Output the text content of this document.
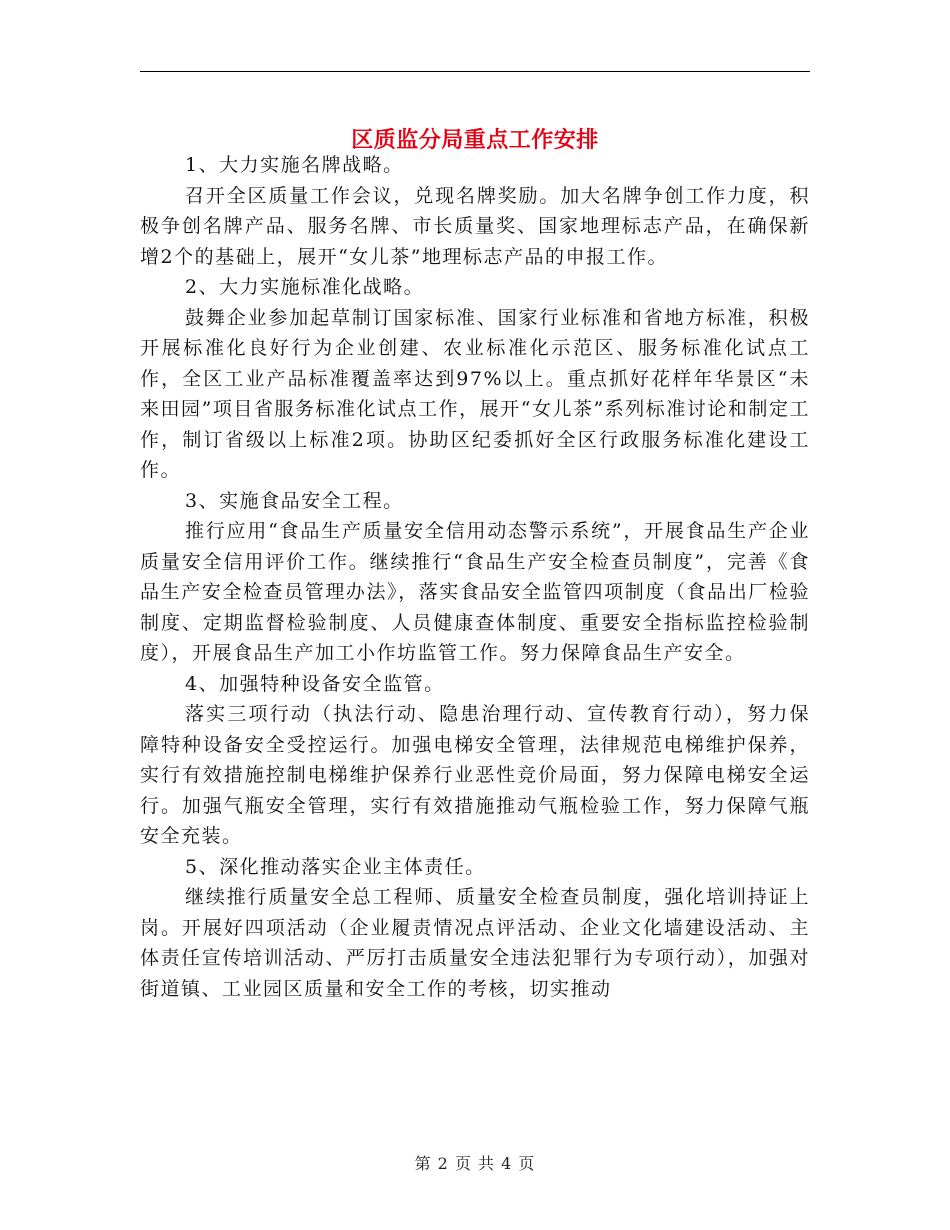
区质监分局重点工作安排

1、大力实施名牌战略。

召开全区质量工作会议，兑现名牌奖励。加大名牌争创工作力度，积极争创名牌产品、服务名牌、市长质量奖、国家地理标志产品，在确保新增2个的基础上，展开“女儿茶”地理标志产品的申报工作。

2、大力实施标准化战略。

鼓舞企业参加起草制订国家标准、国家行业标准和省地方标准，积极开展标准化良好行为企业创建、农业标准化示范区、服务标准化试点工作，全区工业产品标准覆盖率达到97%以上。重点抓好花样年华景区“未来田园”项目省服务标准化试点工作，展开“女儿茶”系列标准讨论和制定工作，制订省级以上标准2项。协助区纪委抓好全区行政服务标准化建设工作。

3、实施食品安全工程。

推行应用“食品生产质量安全信用动态警示系统”，开展食品生产企业质量安全信用评价工作。继续推行“食品生产安全检查员制度”，完善《食品生产安全检查员管理办法》，落实食品安全监管四项制度（食品出厂检验制度、定期监督检验制度、人员健康查体制度、重要安全指标监控检验制度），开展食品生产加工小作坊监管工作。努力保障食品生产安全。

4、加强特种设备安全监管。

落实三项行动（执法行动、隐患治理行动、宣传教育行动），努力保障特种设备安全受控运行。加强电梯安全管理，法律规范电梯维护保养，实行有效措施控制电梯维护保养行业恶性竞价局面，努力保障电梯安全运行。加强气瓶安全管理，实行有效措施推动气瓶检验工作，努力保障气瓶安全充装。

5、深化推动落实企业主体责任。

继续推行质量安全总工程师、质量安全检查员制度，强化培训持证上岗。开展好四项活动（企业履责情况点评活动、企业文化墙建设活动、主体责任宣传培训活动、严厉打击质量安全违法犯罪行为专项行动），加强对街道镇、工业园区质量和安全工作的考核，切实推动

第 2 页 共 4 页
